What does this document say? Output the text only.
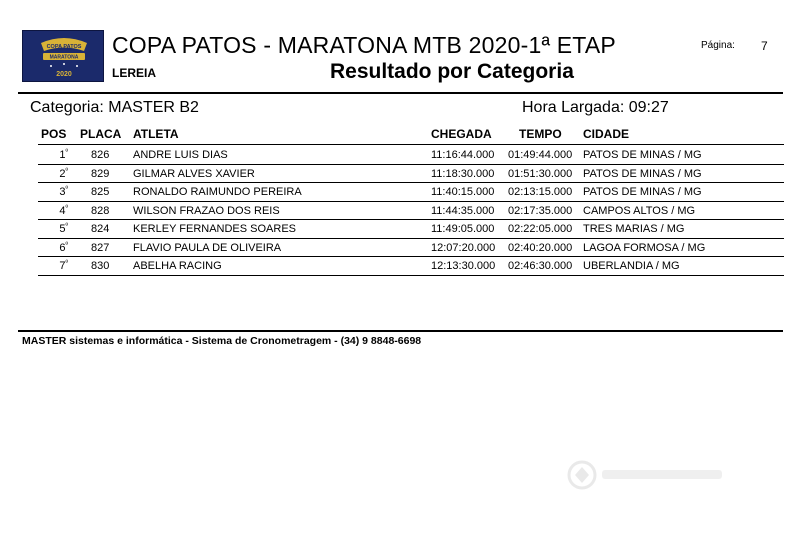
COPA PATOS
MARATONA
2020
COPA PATOS - MARATONA MTB 2020-1ª ETAP	Página: 7
LEREIA	Resultado por Categoria
Categoria: MASTER B2	Hora Largada: 09:27
POS PLACA ATLETA	CHEGADA TEMPO CIDADE
$1^º$ 826 ANDRE LUIS DIAS	11:16:44.000 01:49:44.000 PATOS DE MINAS / MG
$2^º$ 829 GILMAR ALVES XAVIER	11:18:30.000 01:51:30.000 PATOS DE MINAS / MG
$3^º$ 825 RONALDO RAIMUNDO PEREIRA	11:40:15.000 02:13:15.000 PATOS DE MINAS / MG
$4^º$ 828 WILSON FRAZAO DOS REIS	11:44:35.000 02:17:35.000 CAMPOS ALTOS / MG
$5^º$ 824 KERLEY FERNANDES SOARES	11:49:05.000 02:22:05.000 TRES MARIAS / MG
$6^º$ 827 FLAVIO PAULA DE OLIVEIRA	12:07:20.000 02:40:20.000 LAGOA FORMOSA / MG
$7^º$ 830 ABELHA RACING	12:13:30.000 02:46:30.000 UBERLANDIA / MG
MASTER sistemas e informática - Sistema de Cronometragem - (34) 9 8848-6698
